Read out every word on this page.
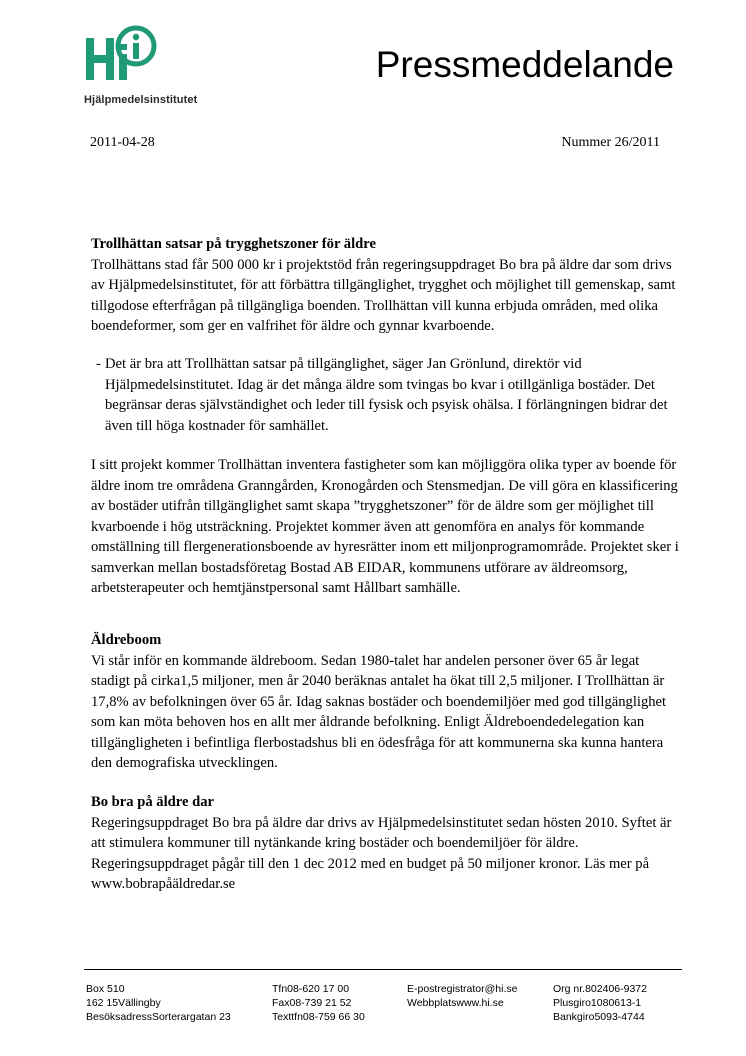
Hjälpmedelsinstitutet
Pressmeddelande
2011-04-28	Nummer 26/2011

Trollhättan satsar på trygghetszoner för äldre

Trollhättans stad får 500 000 kr i projektstöd från regeringsuppdraget Bo bra på äldre dar som drivs av Hjälpmedelsinstitutet, för att förbättra tillgänglighet, trygghet och möjlighet till gemenskap, samt tillgodose efterfrågan på tillgängliga boenden. Trollhättan vill kunna erbjuda områden, med olika boendeformer, som ger en valfrihet för äldre och gynnar kvarboende.

- Det är bra att Trollhättan satsar på tillgänglighet, säger Jan Grönlund, direktör vid Hjälpmedelsinstitutet. Idag är det många äldre som tvingas bo kvar i otillgänliga bostäder. Det begränsar deras självständighet och leder till fysisk och psyisk ohälsa. I förlängningen bidrar det även till höga kostnader för samhället.

I sitt projekt kommer Trollhättan inventera fastigheter som kan möjliggöra olika typer av boende för äldre inom tre områdena Granngården, Kronogården och Stensmedjan. De vill göra en klassificering av bostäder utifrån tillgänglighet samt skapa ”trygghetszoner” för de äldre som ger möjlighet till kvarboende i hög utsträckning. Projektet kommer även att genomföra en analys för kommande omställning till flergenerationsboende av hyresrätter inom ett miljonprogramområde. Projektet sker i samverkan mellan bostadsföretag Bostad AB EIDAR, kommunens utförare av äldreomsorg, arbetsterapeuter och hemtjänstpersonal samt Hållbart samhälle.

Äldreboom

Vi står inför en kommande äldreboom. Sedan 1980-talet har andelen personer över 65 år legat stadigt på cirka1,5 miljoner, men år 2040 beräknas antalet ha ökat till 2,5 miljoner. I Trollhättan är 17,8% av befolkningen över 65 år. Idag saknas bostäder och boendemiljöer med god tillgänglighet som kan möta behoven hos en allt mer åldrande befolkning. Enligt Äldreboendedelegation kan tillgängligheten i befintliga flerbostadshus bli en ödesfråga för att kommunerna ska kunna hantera den demografiska utvecklingen.

Bo bra på äldre dar

Regeringsuppdraget Bo bra på äldre dar drivs av Hjälpmedelsinstitutet sedan hösten 2010. Syftet är att stimulera kommuner till nytänkande kring bostäder och boendemiljöer för äldre. Regeringsuppdraget pågår till den 1 dec 2012 med en budget på 50 miljoner kronor. Läs mer på www.bobrapåäldredar.se

Box 510
162 15Vällingby
BesöksadressSorterargatan 23
Tfn08-620 17 00
Fax08-739 21 52
Texttfn08-759 66 30
E-postregistrator@hi.se
Webbplatswww.hi.se
Org nr.802406-9372
Plusgiro1080613-1
Bankgiro5093-4744
